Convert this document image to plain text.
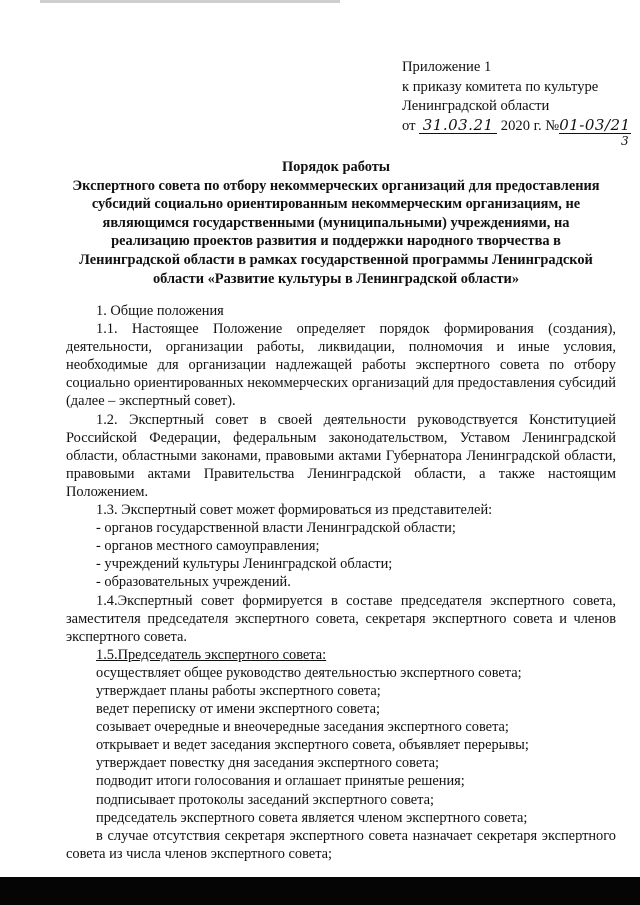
Приложение 1
к приказу комитета по культуре
Ленинградской области
от 31.03.21 2020 г. №01-03/21
3
Порядок работы
Экспертного совета по отбору некоммерческих организаций для предоставления субсидий социально ориентированным некоммерческим организациям, не являющимся государственными (муниципальными) учреждениями, на реализацию проектов развития и поддержки народного творчества в Ленинградской области в рамках государственной программы Ленинградской области «Развитие культуры в Ленинградской области»

1. Общие положения

1.1. Настоящее Положение определяет порядок формирования (создания), деятельности, организации работы, ликвидации, полномочия и иные условия, необходимые для организации надлежащей работы экспертного совета по отбору социально ориентированных некоммерческих организаций для предоставления субсидий (далее – экспертный совет).

1.2. Экспертный совет в своей деятельности руководствуется Конституцией Российской Федерации, федеральным законодательством, Уставом Ленинградской области, областными законами, правовыми актами Губернатора Ленинградской области, правовыми актами Правительства Ленинградской области, а также настоящим Положением.

1.3. Экспертный совет может формироваться из представителей:

- органов государственной власти Ленинградской области;

- органов местного самоуправления;

- учреждений культуры Ленинградской области;

- образовательных учреждений.

1.4.Экспертный совет формируется в составе председателя экспертного совета, заместителя председателя экспертного совета, секретаря экспертного совета и членов экспертного совета.

1.5.Председатель экспертного совета:

осуществляет общее руководство деятельностью экспертного совета;

утверждает планы работы экспертного совета;

ведет переписку от имени экспертного совета;

созывает очередные и внеочередные заседания экспертного совета;

открывает и ведет заседания экспертного совета, объявляет перерывы;

утверждает повестку дня заседания экспертного совета;

подводит итоги голосования и оглашает принятые решения;

подписывает протоколы заседаний экспертного совета;

председатель экспертного совета является членом экспертного совета;

в случае отсутствия секретаря экспертного совета назначает секретаря экспертного совета из числа членов экспертного совета;
